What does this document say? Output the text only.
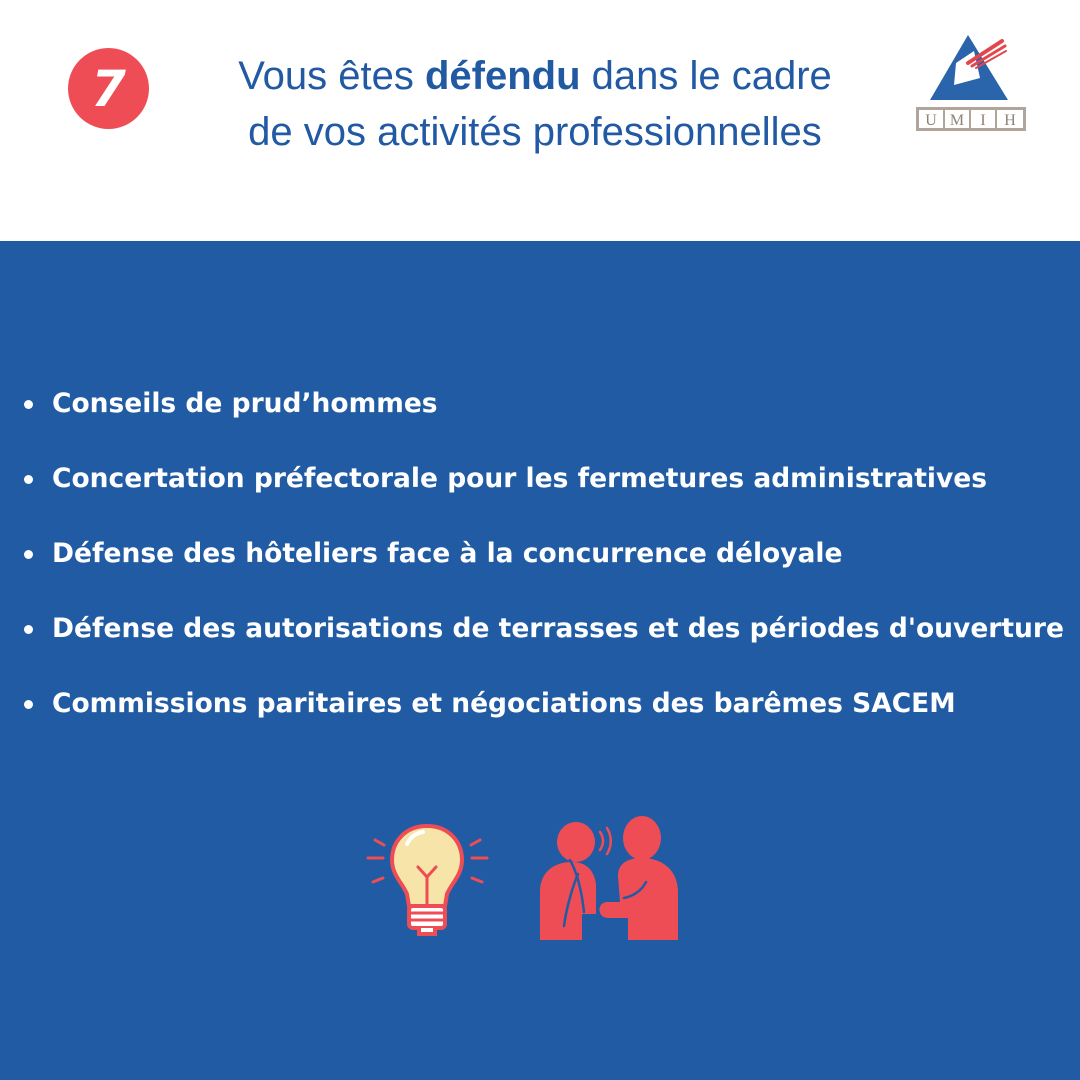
7	Vous êtes défendu dans le cadre
de vos activités professionnelles	U M I H
Conseils de prud’hommes
Concertation préfectorale pour les fermetures administratives
Défense des hôteliers face à la concurrence déloyale
Défense des autorisations de terrasses et des périodes d'ouverture
Commissions paritaires et négociations des barêmes SACEM
